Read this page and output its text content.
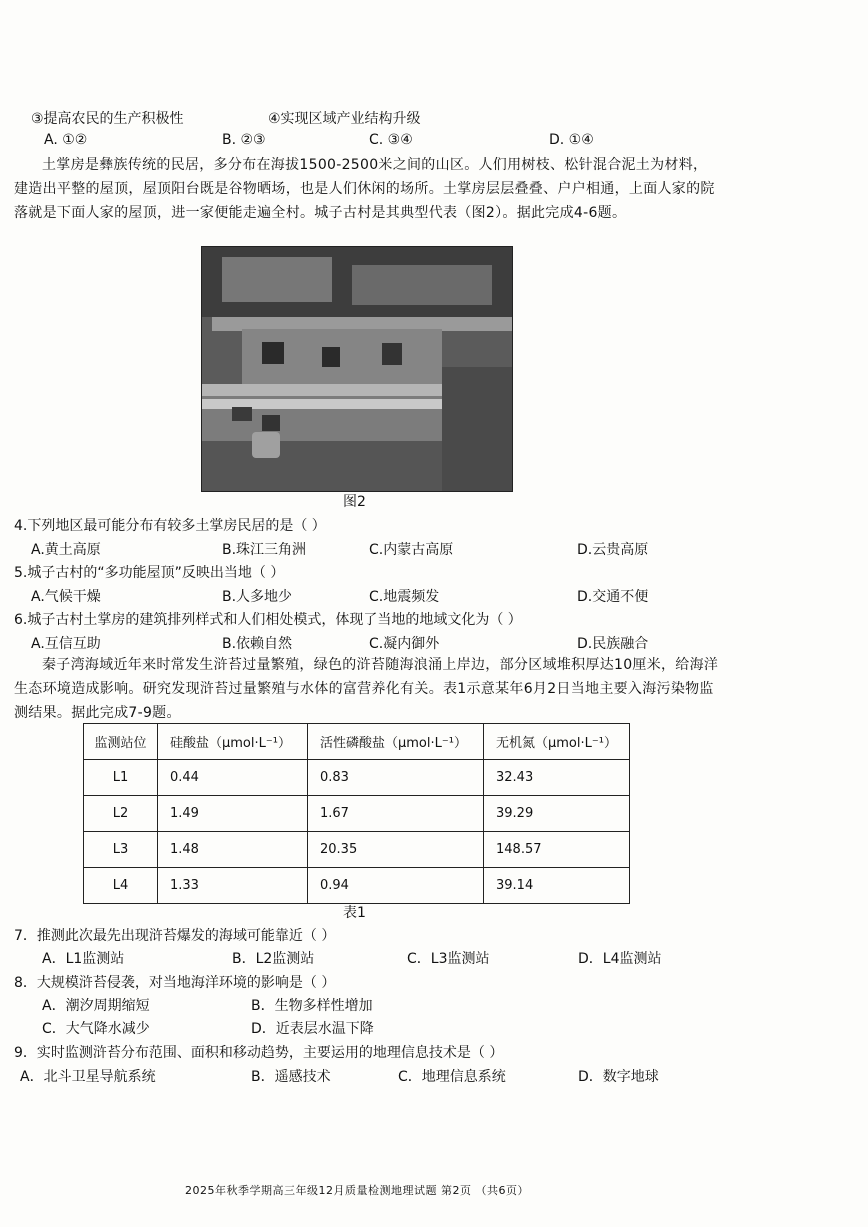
③提高农民的生产积极性	④实现区域产业结构升级
A. ①②	B. ②③	C. ③④	D. ①④
土掌房是彝族传统的民居，多分布在海拔1500-2500米之间的山区。人们用树枝、松针混合泥土为材料，建造出平整的屋顶，屋顶阳台既是谷物晒场，也是人们休闲的场所。土掌房层层叠叠、户户相通，上面人家的院落就是下面人家的屋顶，进一家便能走遍全村。城子古村是其典型代表（图2）。据此完成4-6题。
图2
4.下列地区最可能分布有较多土掌房民居的是（ ）
A.黄土高原	B.珠江三角洲	C.内蒙古高原	D.云贵高原
5.城子古村的“多功能屋顶”反映出当地（ ）
A.气候干燥	B.人多地少	C.地震频发	D.交通不便
6.城子古村土掌房的建筑排列样式和人们相处模式，体现了当地的地域文化为（ ）
A.互信互助	B.依赖自然	C.凝内御外	D.民族融合
秦子湾海域近年来时常发生浒苔过量繁殖，绿色的浒苔随海浪涌上岸边，部分区域堆积厚达10厘米，给海洋生态环境造成影响。研究发现浒苔过量繁殖与水体的富营养化有关。表1示意某年6月2日当地主要入海污染物监测结果。据此完成7-9题。
监测站位	硅酸盐（μmol·L⁻¹）	活性磷酸盐（μmol·L⁻¹）	无机氮（μmol·L⁻¹）
L1	0.44	0.83	32.43
L2	1.49	1.67	39.29
L3	1.48	20.35	148.57
L4	1.33	0.94	39.14
表1
7．推测此次最先出现浒苔爆发的海域可能靠近（ ）
A．L1监测站	B．L2监测站	C．L3监测站	D．L4监测站
8．大规模浒苔侵袭，对当地海洋环境的影响是（ ）
A．潮汐周期缩短	B．生物多样性增加
C．大气降水减少	D．近表层水温下降
9．实时监测浒苔分布范围、面积和移动趋势，主要运用的地理信息技术是（ ）
A．北斗卫星导航系统	B．遥感技术	C．地理信息系统	D．数字地球
2025年秋季学期高三年级12月质量检测地理试题 第2页 （共6页）
